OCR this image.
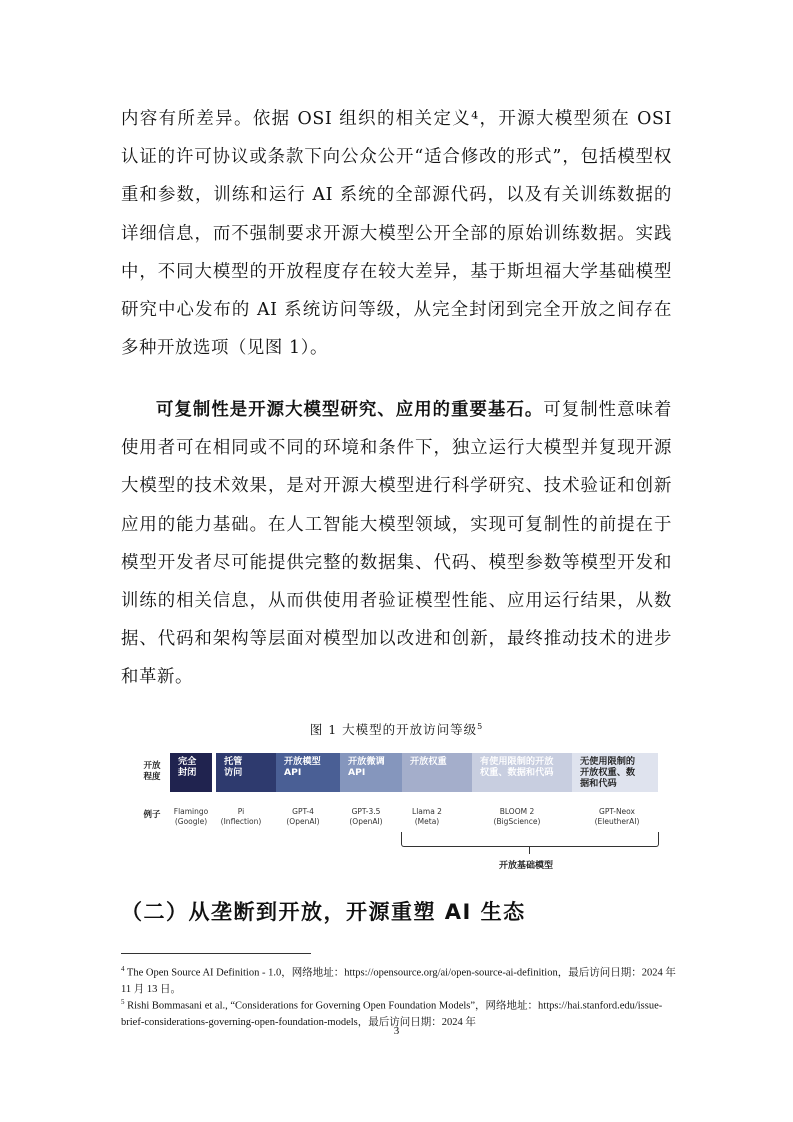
内容有所差异。依据 OSI 组织的相关定义⁴，开源大模型须在 OSI 认证的许可协议或条款下向公众公开“适合修改的形式”，包括模型权重和参数，训练和运行 AI 系统的全部源代码，以及有关训练数据的详细信息，而不强制要求开源大模型公开全部的原始训练数据。实践中，不同大模型的开放程度存在较大差异，基于斯坦福大学基础模型研究中心发布的 AI 系统访问等级，从完全封闭到完全开放之间存在多种开放选项（见图 1）。

可复制性是开源大模型研究、应用的重要基石。可复制性意味着使用者可在相同或不同的环境和条件下，独立运行大模型并复现开源大模型的技术效果，是对开源大模型进行科学研究、技术验证和创新应用的能力基础。在人工智能大模型领域，实现可复制性的前提在于模型开发者尽可能提供完整的数据集、代码、模型参数等模型开发和训练的相关信息，从而供使用者验证模型性能、应用运行结果，从数据、代码和架构等层面对模型加以改进和创新，最终推动技术的进步和革新。

图 1 大模型的开放访问等级$^5$
开放
程度
例子
完全
封闭
托管
访问
开放模型
API
开放微调
API
开放权重	有使用限制的开放
权重、数据和代码
无使用限制的
开放权重、数
据和代码
Flamingo
(Google)
Pi
(Inflection)
GPT-4
(OpenAI)
GPT-3.5
(OpenAI)
Llama 2
(Meta)
BLOOM 2
(BigScience)
GPT-Neox
(EleutherAI)
开放基础模型
（二）从垄断到开放，开源重塑 AI 生态

$^4$ The Open Source AI Definition - 1.0，网络地址：https://opensource.org/ai/open-source-ai-definition，最后访问日期：2024 年 11 月 13 日。

$^5$ Rishi Bommasani et al., “Considerations for Governing Open Foundation Models”，网络地址：https://hai.stanford.edu/issue-brief-considerations-governing-open-foundation-models，最后访问日期：2024 年

3
